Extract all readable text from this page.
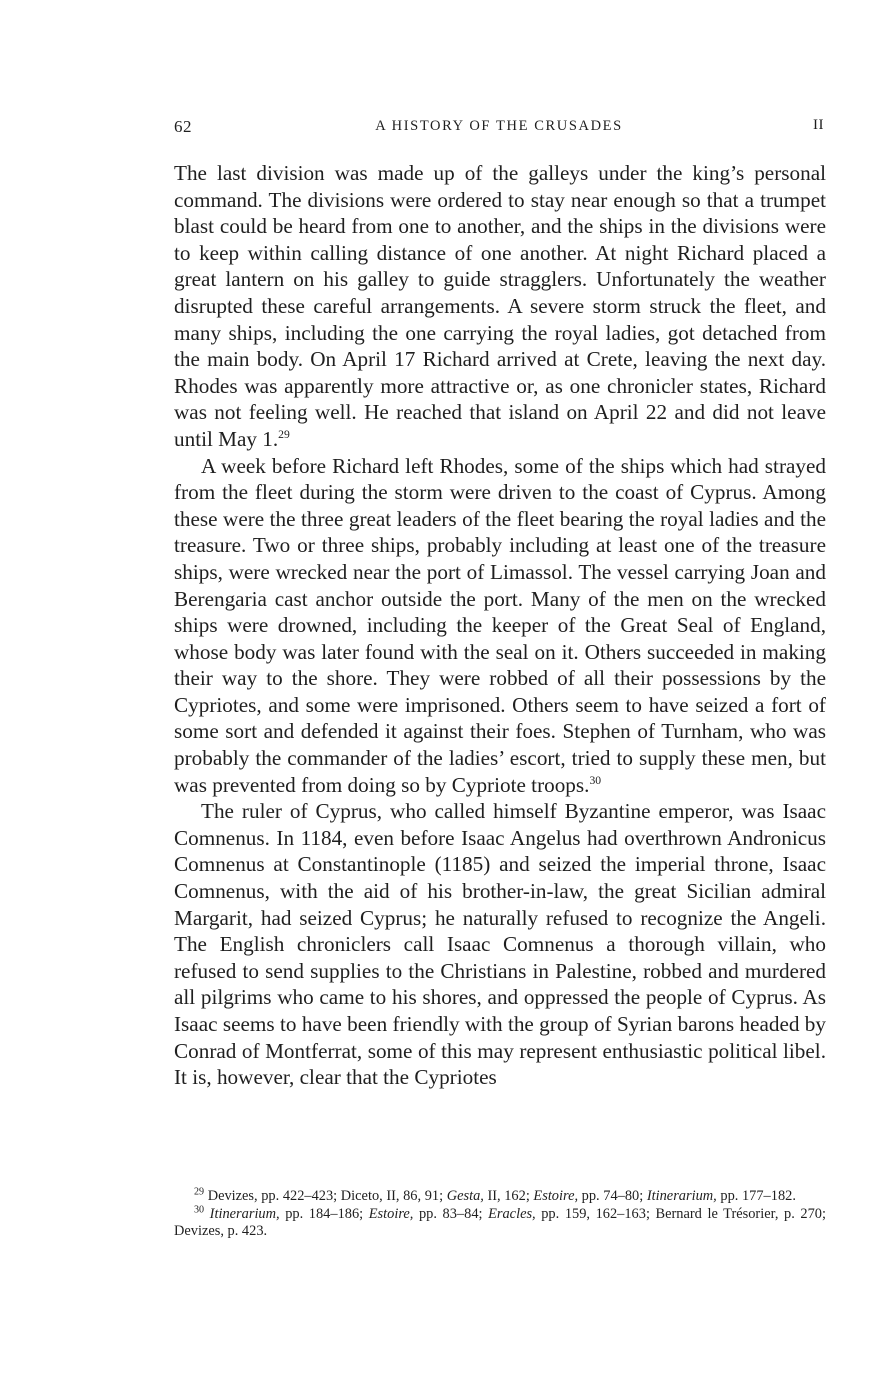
62	A HISTORY OF THE CRUSADES	II

The last division was made up of the galleys under the king’s personal command. The divisions were ordered to stay near enough so that a trumpet blast could be heard from one to another, and the ships in the divisions were to keep within calling distance of one another. At night Richard placed a great lantern on his galley to guide stragglers. Unfortunately the weather disrupted these careful arrangements. A severe storm struck the fleet, and many ships, including the one carrying the royal ladies, got detached from the main body. On April 17 Richard arrived at Crete, leaving the next day. Rhodes was apparently more attractive or, as one chronicler states, Richard was not feeling well. He reached that island on April 22 and did not leave until May 1.29

A week before Richard left Rhodes, some of the ships which had strayed from the fleet during the storm were driven to the coast of Cyprus. Among these were the three great leaders of the fleet bearing the royal ladies and the treasure. Two or three ships, probably including at least one of the treasure ships, were wrecked near the port of Limassol. The vessel carrying Joan and Berengaria cast anchor outside the port. Many of the men on the wrecked ships were drowned, including the keeper of the Great Seal of England, whose body was later found with the seal on it. Others succeeded in making their way to the shore. They were robbed of all their possessions by the Cypriotes, and some were imprisoned. Others seem to have seized a fort of some sort and defended it against their foes. Stephen of Turnham, who was probably the commander of the ladies’ escort, tried to supply these men, but was prevented from doing so by Cypriote troops.$^{30}$

The ruler of Cyprus, who called himself Byzantine emperor, was Isaac Comnenus. In 1184, even before Isaac Angelus had overthrown Andronicus Comnenus at Constantinople (1185) and seized the imperial throne, Isaac Comnenus, with the aid of his brother-in-law, the great Sicilian admiral Margarit, had seized Cyprus; he naturally refused to recognize the Angeli. The English chroniclers call Isaac Comnenus a thorough villain, who refused to send supplies to the Christians in Palestine, robbed and murdered all pilgrims who came to his shores, and oppressed the people of Cyprus. As Isaac seems to have been friendly with the group of Syrian barons headed by Conrad of Montferrat, some of this may represent enthusiastic political libel. It is, however, clear that the Cypriotes

$^{29}$ Devizes, pp. 422–423; Diceto, II, 86, 91; Gesta, II, 162; Estoire, pp. 74–80; Itinerarium, pp. 177–182.

$^{30}$ Itinerarium, pp. 184–186; Estoire, pp. 83–84; Eracles, pp. 159, 162–163; Bernard le Trésorier, p. 270; Devizes, p. 423.
